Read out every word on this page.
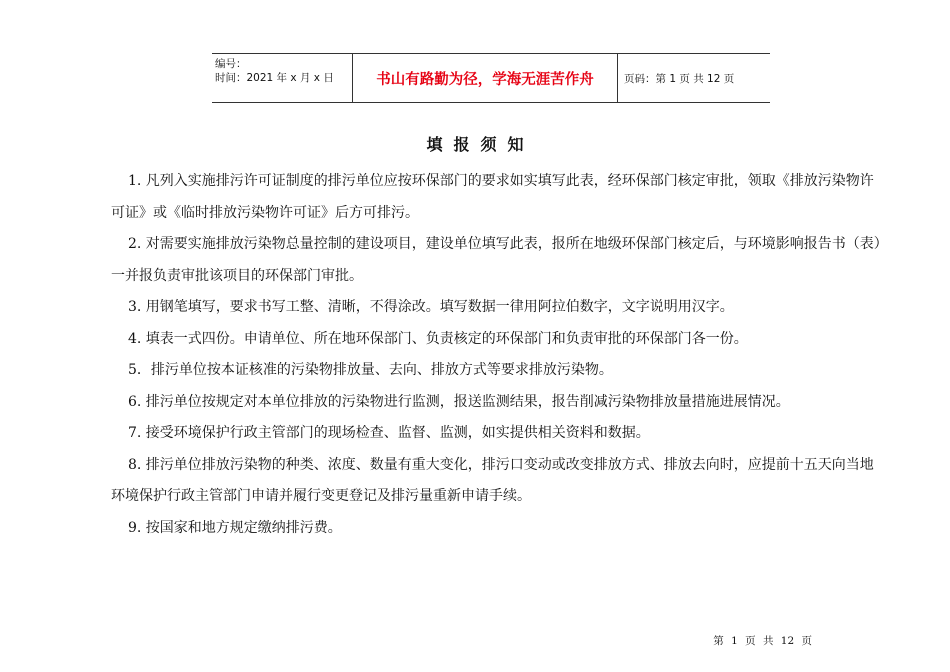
编号：
时间：2021 年 x 月 x 日	书山有路勤为径，学海无涯苦作舟	页码：第 1 页 共 12 页
填报须知

1. 凡列入实施排污许可证制度的排污单位应按环保部门的要求如实填写此表，经环保部门核定审批，领取《排放污染物许可证》或《临时排放污染物许可证》后方可排污。

2. 对需要实施排放污染物总量控制的建设项目，建设单位填写此表，报所在地级环保部门核定后，与环境影响报告书（表）一并报负责审批该项目的环保部门审批。

3. 用钢笔填写，要求书写工整、清晰，不得涂改。填写数据一律用阿拉伯数字，文字说明用汉字。

4. 填表一式四份。申请单位、所在地环保部门、负责核定的环保部门和负责审批的环保部门各一份。

5．排污单位按本证核准的污染物排放量、去向、排放方式等要求排放污染物。

6. 排污单位按规定对本单位排放的污染物进行监测，报送监测结果，报告削减污染物排放量措施进展情况。

7. 接受环境保护行政主管部门的现场检查、监督、监测，如实提供相关资料和数据。

8. 排污单位排放污染物的种类、浓度、数量有重大变化，排污口变动或改变排放方式、排放去向时，应提前十五天向当地环境保护行政主管部门申请并履行变更登记及排污量重新申请手续。

9. 按国家和地方规定缴纳排污费。

第 1 页 共 12 页
